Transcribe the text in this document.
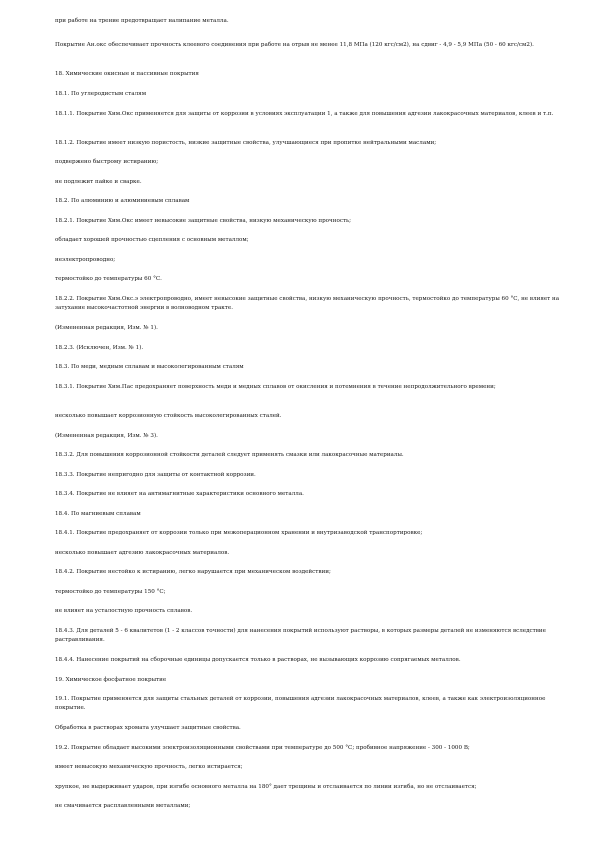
при работе на трение предотвращает налипание металла.

Покрытие Ан.окс обеспечивает прочность клеевого соединения при работе на отрыв не менее 11,8 МПа (120 кгс/см2), на сдвиг - 4,9 - 5,9 МПа (50 - 60 кгс/см2).

18. Химические окисные и пассивные покрытия

18.1. По углеродистым сталям

18.1.1. Покрытие Хим.Окс применяется для защиты от коррозии в условиях эксплуатации 1, а также для повышения адгезии лакокрасочных материалов, клеев и т.п.

18.1.2. Покрытие имеет низкую пористость, низкие защитные свойства, улучшающиеся при пропитке нейтральными маслами;

подвержено быстрому истиранию;

не подлежит пайке и сварке.

18.2. По алюминию и алюминиевым сплавам

18.2.1. Покрытие Хим.Окс имеет невысокие защитные свойства, низкую механическую прочность;

обладает хорошей прочностью сцепления с основным металлом;

неэлектропроводно;

термостойко до температуры 60 °С.

18.2.2. Покрытие Хим.Окс.э электропроводно, имеет невысокие защитные свойства, низкую механическую прочность, термостойко до температуры 60 °С, не влияет на затухание высокочастотной энергии в волноводном тракте.

(Измененная редакция, Изм. № 1).

18.2.3. (Исключен, Изм. № 1).

18.3. По меди, медным сплавам и высоколегированным сталям

18.3.1. Покрытие Хим.Пас предохраняет поверхность меди и медных сплавов от окисления и потемнения в течение непродолжительного времени;

несколько повышает коррозионную стойкость высоколегированных сталей.

(Измененная редакция, Изм. № 3).

18.3.2. Для повышения коррозионной стойкости деталей следует применять смазки или лакокрасочные материалы.

18.3.3. Покрытие непригодно для защиты от контактной коррозии.

18.3.4. Покрытие не влияет на антимагнитные характеристики основного металла.

18.4. По магниевым сплавам

18.4.1. Покрытие предохраняет от коррозии только при межоперационном хранении и внутризаводской транспортировке;

несколько повышает адгезию лакокрасочных материалов.

18.4.2. Покрытие нестойко к истиранию, легко нарушается при механическом воздействии;

термостойко до температуры 150 °С;

не влияет на усталостную прочность сплавов.

18.4.3. Для деталей 5 - 6 квалитетов (1 - 2 классов точности) для нанесения покрытий используют растворы, в которых размеры деталей не изменяются вследствие растравливания.

18.4.4. Нанесение покрытий на сборочные единицы допускается только в растворах, не вызывающих коррозию сопрягаемых металлов.

19. Химическое фосфатное покрытие

19.1. Покрытие применяется для защиты стальных деталей от коррозии, повышения адгезии лакокрасочных материалов, клеев, а также как электроизоляционное покрытие.

Обработка в растворах хромата улучшает защитные свойства.

19.2. Покрытие обладает высокими электроизоляционными свойствами при температуре до 500 °С; пробивное напряжение - 300 - 1000 В;

имеет невысокую механическую прочность, легко истирается;

хрупкое, не выдерживает ударов, при изгибе основного металла на 180° дает трещины и отслаивается по линии изгиба, но не отслаивается;

не смачивается расплавленными металлами;
